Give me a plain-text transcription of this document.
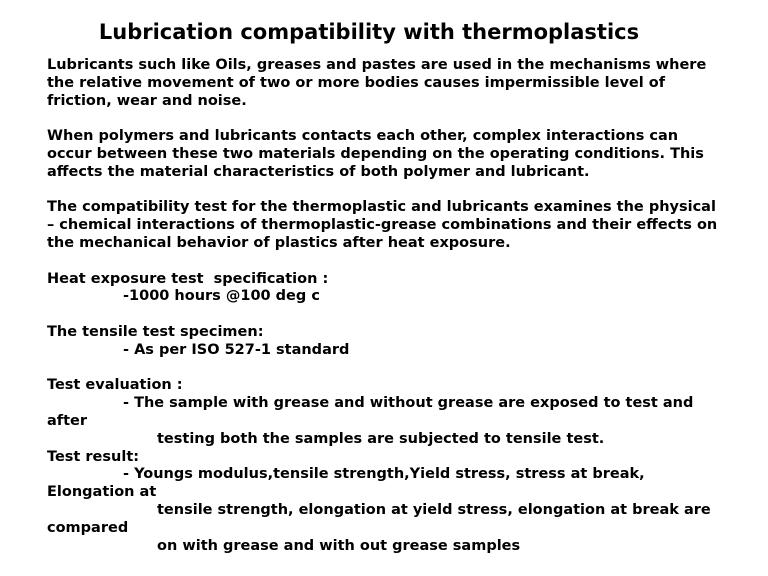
Lubrication compatibility with thermoplastics
Lubricants such like Oils, greases and pastes are used in the mechanisms where
the relative movement of two or more bodies causes impermissible level of
friction, wear and noise.
When polymers and lubricants contacts each other, complex interactions can
occur between these two materials depending on the operating conditions. This
affects the material characteristics of both polymer and lubricant.
The compatibility test for the thermoplastic and lubricants examines the physical
– chemical interactions of thermoplastic-grease combinations and their effects on
the mechanical behavior of plastics after heat exposure.
Heat exposure test  specification :
-1000 hours @100 deg c
The tensile test specimen:
- As per ISO 527-1 standard
Test evaluation :
- The sample with grease and without grease are exposed to test and
after
testing both the samples are subjected to tensile test.
Test result:
- Youngs modulus,tensile strength,Yield stress, stress at break,
Elongation at
tensile strength, elongation at yield stress, elongation at break are
compared
on with grease and with out grease samples
